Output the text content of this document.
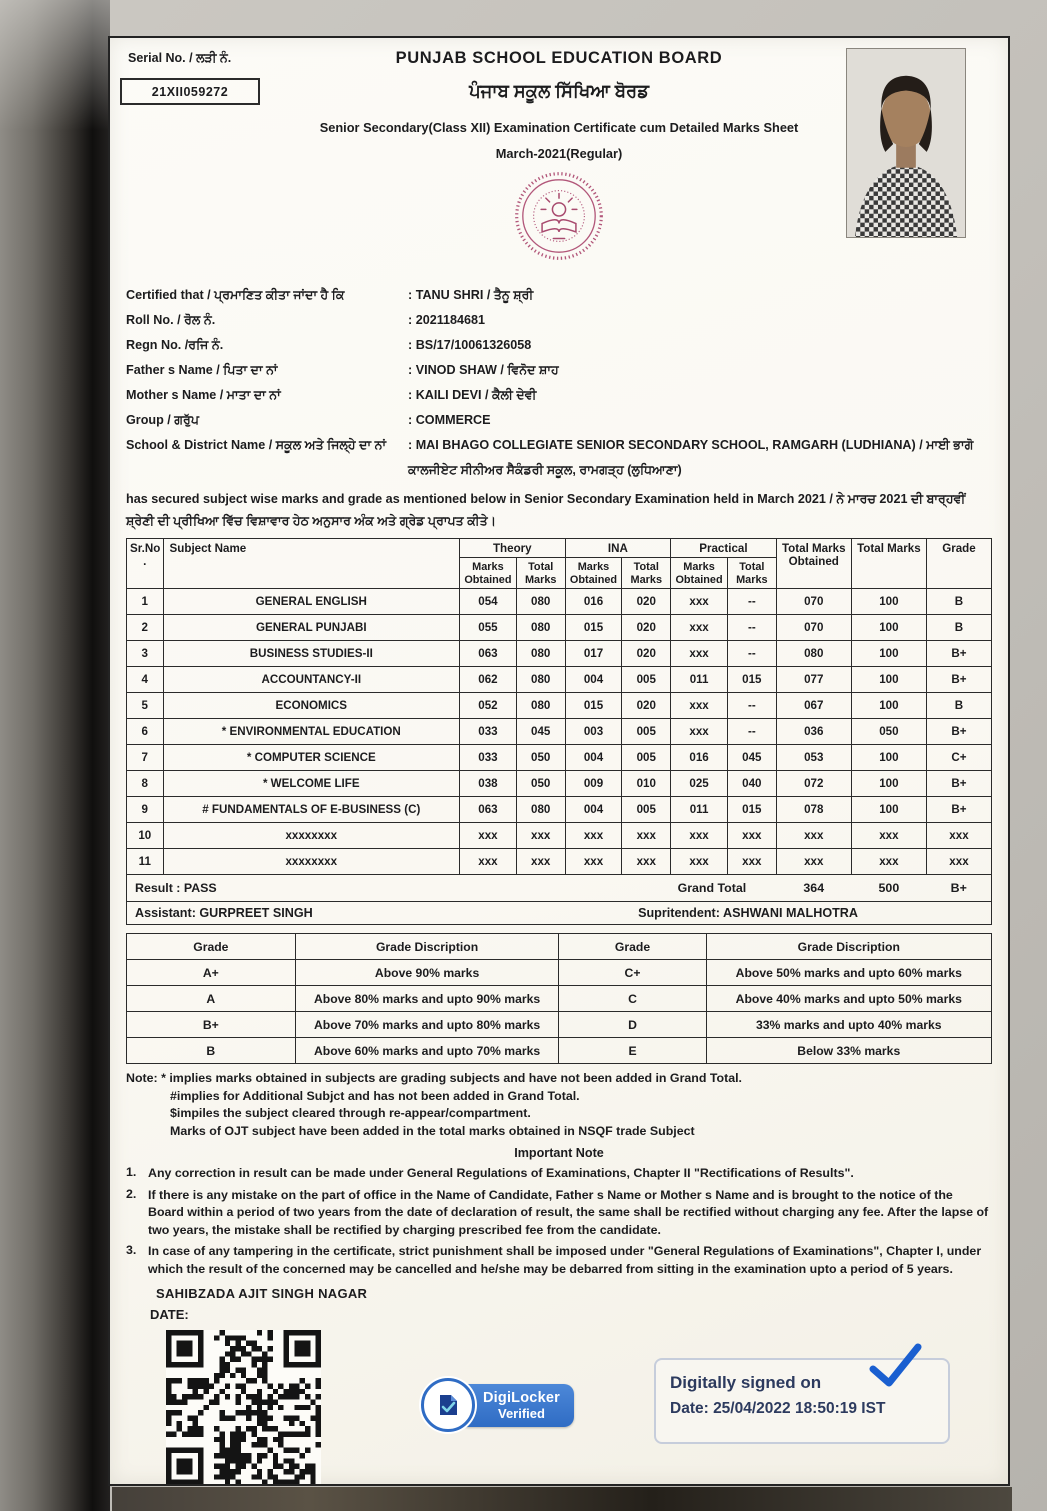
Serial No. / ਲੜੀ ਨੰ.
21XII059272
PUNJAB SCHOOL EDUCATION BOARD
ਪੰਜਾਬ ਸਕੂਲ ਸਿੱਖਿਆ ਬੋਰਡ
Senior Secondary(Class XII) Examination Certificate cum Detailed Marks Sheet
March-2021(Regular)
Certified that / ਪ੍ਰਮਾਣਿਤ ਕੀਤਾ ਜਾਂਦਾ ਹੈ ਕਿ	: TANU SHRI / ਤੈਨੂ ਸ਼੍ਰੀ
Roll No. / ਰੋਲ ਨੰ.	: 2021184681
Regn No. /ਰਜਿ ਨੰ.	: BS/17/10061326058
Father s Name / ਪਿਤਾ ਦਾ ਨਾਂ	: VINOD SHAW / ਵਿਨੋਦ ਸ਼ਾਹ
Mother s Name / ਮਾਤਾ ਦਾ ਨਾਂ	: KAILI DEVI / ਕੈਲੀ ਦੇਵੀ
Group / ਗਰੁੱਪ	: COMMERCE
School & District Name / ਸਕੂਲ ਅਤੇ ਜਿਲ੍ਹੇ ਦਾ ਨਾਂ	: MAI BHAGO COLLEGIATE SENIOR SECONDARY SCHOOL, RAMGARH (LUDHIANA) / ਮਾਈ ਭਾਗੋ ਕਾਲਜੀਏਟ ਸੀਨੀਅਰ ਸੈਕੰਡਰੀ ਸਕੂਲ, ਰਾਮਗੜ੍ਹ (ਲੁਧਿਆਣਾ)
has secured subject wise marks and grade as mentioned below in Senior Secondary Examination held in March 2021 / ਨੇ ਮਾਰਚ 2021 ਦੀ ਬਾਰ੍ਹਵੀਂ ਸ਼੍ਰੇਣੀ ਦੀ ਪ੍ਰੀਖਿਆ ਵਿੱਚ ਵਿਸ਼ਾਵਾਰ ਹੇਠ ਅਨੁਸਾਰ ਅੰਕ ਅਤੇ ਗ੍ਰੇਡ ਪ੍ਰਾਪਤ ਕੀਤੇ।
Sr.No .	Subject Name	Theory		INA		Practical		Total Marks Obtained	Total Marks	Grade
		Marks Obtained	Total Marks	Marks Obtained	Total Marks	Marks Obtained	Total Marks			
1	GENERAL ENGLISH	054	080	016	020	xxx	--	070	100	B
2	GENERAL PUNJABI	055	080	015	020	xxx	--	070	100	B
3	BUSINESS STUDIES-II	063	080	017	020	xxx	--	080	100	B+
4	ACCOUNTANCY-II	062	080	004	005	011	015	077	100	B+
5	ECONOMICS	052	080	015	020	xxx	--	067	100	B
6	* ENVIRONMENTAL EDUCATION	033	045	003	005	xxx	--	036	050	B+
7	* COMPUTER SCIENCE	033	050	004	005	016	045	053	100	C+
8	* WELCOME LIFE	038	050	009	010	025	040	072	100	B+
9	# FUNDAMENTALS OF E-BUSINESS (C)	063	080	004	005	011	015	078	100	B+
10	xxxxxxxx	xxx	xxx	xxx	xxx	xxx	xxx	xxx	xxx	xxx
11	xxxxxxxx	xxx	xxx	xxx	xxx	xxx	xxx	xxx	xxx	xxx
Result : PASS				Grand Total				364	500	B+
Assistant: GURPREET SINGH	Supritendent: ASHWANI MALHOTRA
Grade	Grade Discription	Grade	Grade Discription
A+	Above 90% marks	C+	Above 50% marks and upto 60% marks
A	Above 80% marks and upto 90% marks	C	Above 40% marks and upto 50% marks
B+	Above 70% marks and upto 80% marks	D	33% marks and upto 40% marks
B	Above 60% marks and upto 70% marks	E	Below 33% marks
Note: * implies marks obtained in subjects are grading subjects and have not been added in Grand Total.
#implies for Additional Subjct and has not been added in Grand Total.
$impiles the subject cleared through re-appear/compartment.
Marks of OJT subject have been added in the total marks obtained in NSQF trade Subject
Important Note
1. Any correction in result can be made under General Regulations of Examinations, Chapter II "Rectifications of Results".
2. If there is any mistake on the part of office in the Name of Candidate, Father s Name or Mother s Name and is brought to the notice of the Board within a period of two years from the date of declaration of result, the same shall be rectified without charging any fee. After the lapse of two years, the mistake shall be rectified by charging prescribed fee from the candidate.
3. In case of any tampering in the certificate, strict punishment shall be imposed under "General Regulations of Examinations", Chapter I, under which the result of the concerned may be cancelled and he/she may be debarred from sitting in the examination upto a period of 5 years.
SAHIBZADA AJIT SINGH NAGAR
DATE:
DigiLocker
Verified
Digitally signed on
Date: 25/04/2022 18:50:19 IST
